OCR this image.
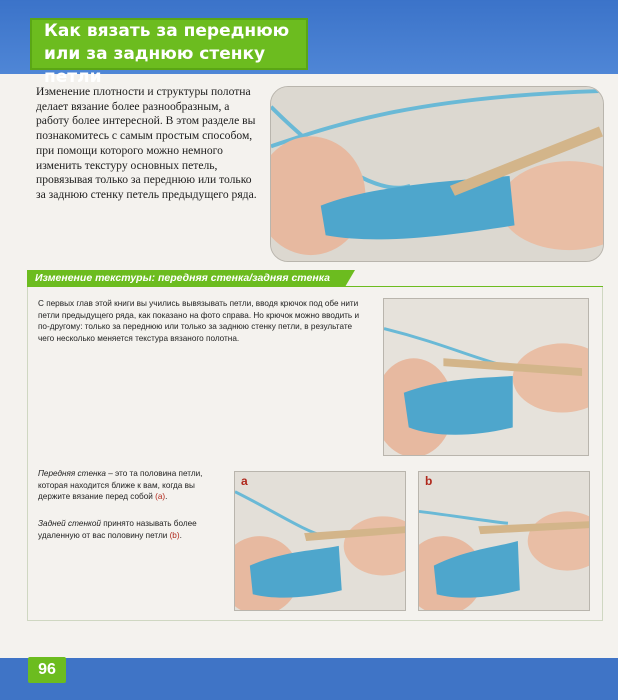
Как вязать за переднюю
или за заднюю стенку петли

Изменение плотности и структуры полотна делает вязание более разнообразным, а работу более интересной. В этом разделе вы познакомитесь с самым простым способом, при помощи которого можно немного изменить текстуру основных петель, провязывая только за переднюю или только за заднюю стенку петель предыдущего ряда.

Изменение текстуры: передняя стенка/задняя стенка

С первых глав этой книги вы учились вывязывать петли, вводя крючок под обе нити петли предыдущего ряда, как показано на фото справа. Но крючок можно вводить и по-другому: только за переднюю или только за заднюю стенку петли, в результате чего несколько меняется текстура вязаного полотна.

Передняя стенка – это та половина петли, которая находится ближе к вам, когда вы держите вязание перед собой (а).

Задней стенкой принято называть более удаленную от вас половину петли (b).

a	b
96
